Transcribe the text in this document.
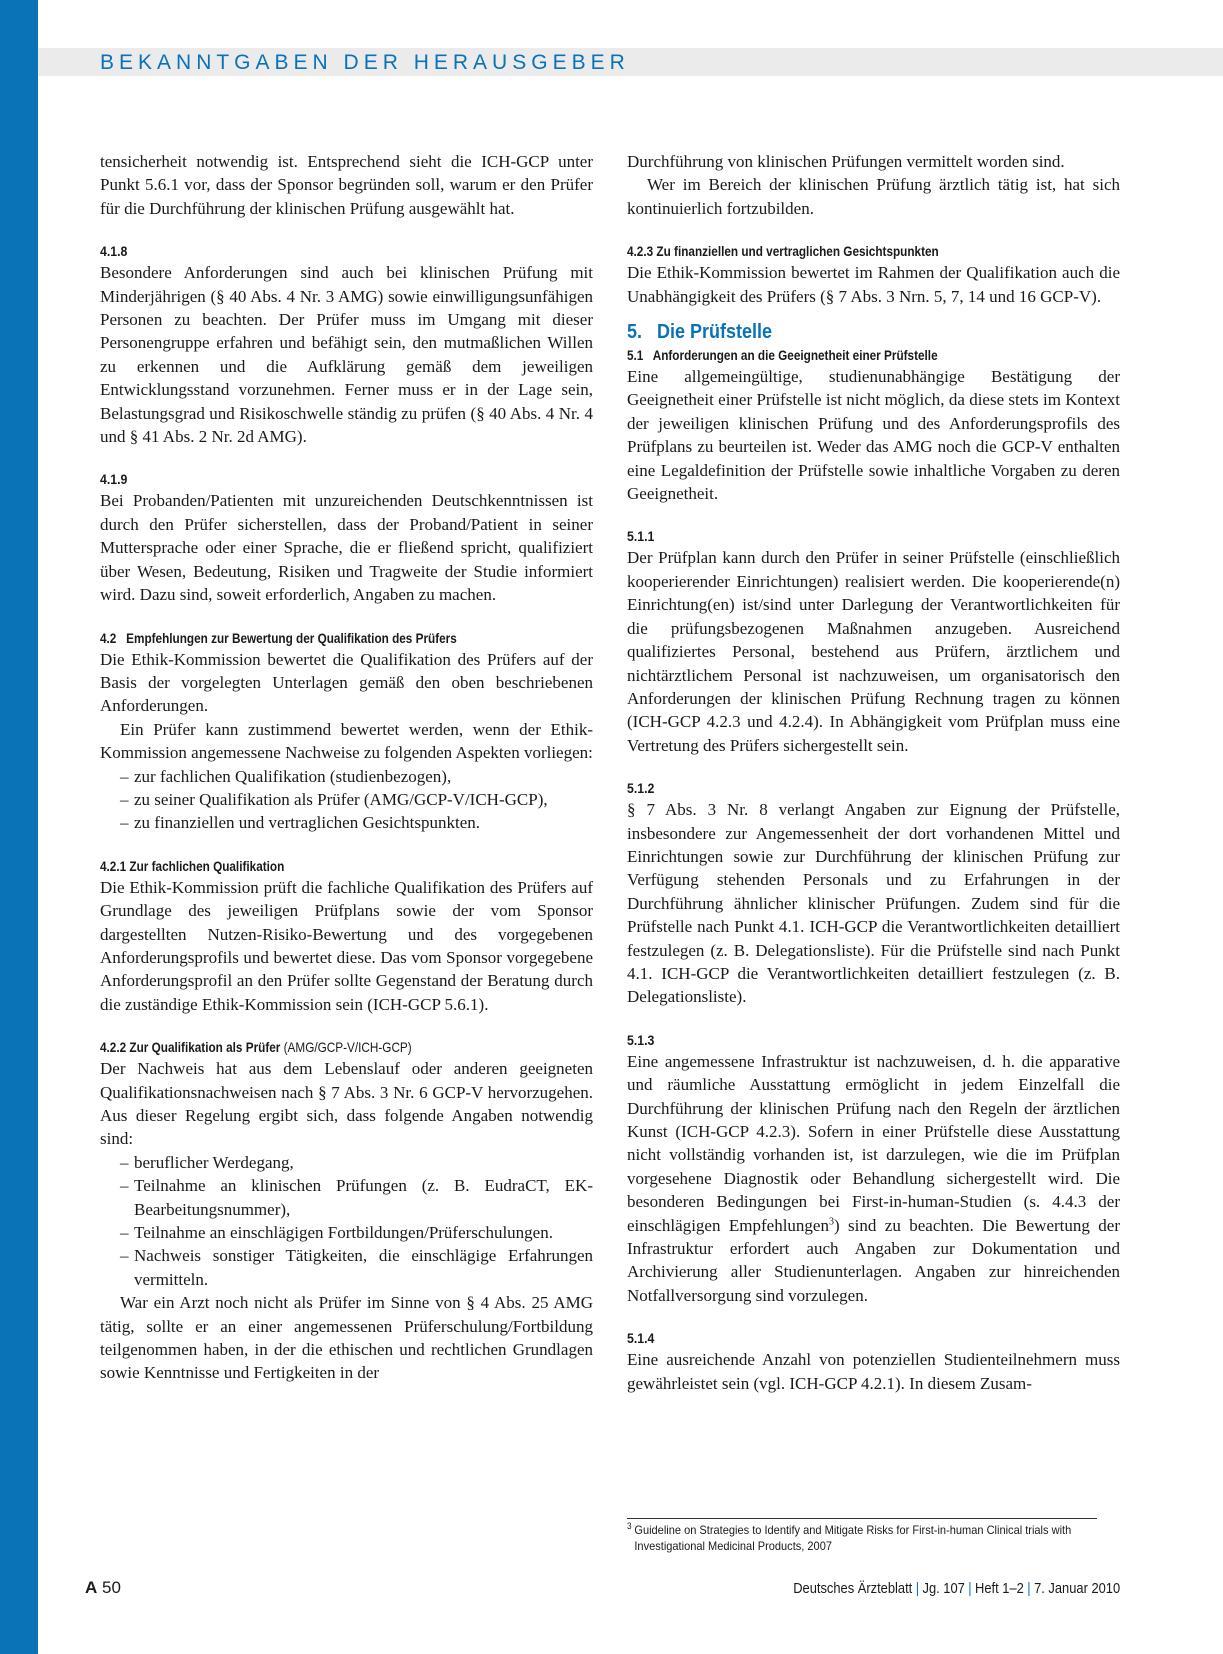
BEKANNTGABEN DER HERAUSGEBER

tensicherheit notwendig ist. Entsprechend sieht die ICH-GCP unter Punkt 5.6.1 vor, dass der Sponsor begründen soll, warum er den Prüfer für die Durchführung der klinischen Prüfung ausgewählt hat.

4.1.8

Besondere Anforderungen sind auch bei klinischen Prüfung mit Minderjährigen (§ 40 Abs. 4 Nr. 3 AMG) sowie einwilligungsunfähigen Personen zu beachten. Der Prüfer muss im Umgang mit dieser Personengruppe erfahren und befähigt sein, den mutmaßlichen Willen zu erkennen und die Aufklärung gemäß dem jeweiligen Entwicklungsstand vorzunehmen. Ferner muss er in der Lage sein, Belastungsgrad und Risikoschwelle ständig zu prüfen (§ 40 Abs. 4 Nr. 4 und § 41 Abs. 2 Nr. 2d AMG).

4.1.9

Bei Probanden/Patienten mit unzureichenden Deutschkenntnissen ist durch den Prüfer sicherstellen, dass der Proband/Patient in seiner Muttersprache oder einer Sprache, die er fließend spricht, qualifiziert über Wesen, Bedeutung, Risiken und Tragweite der Studie informiert wird. Dazu sind, soweit erforderlich, Angaben zu machen.

4.2   Empfehlungen zur Bewertung der Qualifikation des Prüfers

Die Ethik-Kommission bewertet die Qualifikation des Prüfers auf der Basis der vorgelegten Unterlagen gemäß den oben beschriebenen Anforderungen.

Ein Prüfer kann zustimmend bewertet werden, wenn der Ethik-Kommission angemessene Nachweise zu folgenden Aspekten vorliegen:

– zur fachlichen Qualifikation (studienbezogen),
– zu seiner Qualifikation als Prüfer (AMG/GCP-V/ICH-GCP),
– zu finanziellen und vertraglichen Gesichtspunkten.
4.2.1 Zur fachlichen Qualifikation

Die Ethik-Kommission prüft die fachliche Qualifikation des Prüfers auf Grundlage des jeweiligen Prüfplans sowie der vom Sponsor dargestellten Nutzen-Risiko-Bewertung und des vorgegebenen Anforderungsprofils und bewertet diese. Das vom Sponsor vorgegebene Anforderungsprofil an den Prüfer sollte Gegenstand der Beratung durch die zuständige Ethik-Kommission sein (ICH-GCP 5.6.1).

4.2.2 Zur Qualifikation als Prüfer (AMG/GCP-V/ICH-GCP)

Der Nachweis hat aus dem Lebenslauf oder anderen geeigneten Qualifikationsnachweisen nach § 7 Abs. 3 Nr. 6 GCP-V hervorzugehen. Aus dieser Regelung ergibt sich, dass folgende Angaben notwendig sind:

– beruflicher Werdegang,
– Teilnahme an klinischen Prüfungen (z. B. EudraCT, EK-Bearbeitungsnummer),
– Teilnahme an einschlägigen Fortbildungen/Prüferschulungen.
– Nachweis sonstiger Tätigkeiten, die einschlägige Erfahrungen vermitteln.

War ein Arzt noch nicht als Prüfer im Sinne von § 4 Abs. 25 AMG tätig, sollte er an einer angemessenen Prüferschulung/Fortbildung teilgenommen haben, in der die ethischen und rechtlichen Grundlagen sowie Kenntnisse und Fertigkeiten in der

Durchführung von klinischen Prüfungen vermittelt worden sind.

Wer im Bereich der klinischen Prüfung ärztlich tätig ist, hat sich kontinuierlich fortzubilden.

4.2.3 Zu finanziellen und vertraglichen Gesichtspunkten

Die Ethik-Kommission bewertet im Rahmen der Qualifikation auch die Unabhängigkeit des Prüfers (§ 7 Abs. 3 Nrn. 5, 7, 14 und 16 GCP-V).

5.   Die Prüfstelle
5.1   Anforderungen an die Geeignetheit einer Prüfstelle

Eine allgemeingültige, studienunabhängige Bestätigung der Geeignetheit einer Prüfstelle ist nicht möglich, da diese stets im Kontext der jeweiligen klinischen Prüfung und des Anforderungsprofils des Prüfplans zu beurteilen ist. Weder das AMG noch die GCP-V enthalten eine Legaldefinition der Prüfstelle sowie inhaltliche Vorgaben zu deren Geeignetheit.

5.1.1

Der Prüfplan kann durch den Prüfer in seiner Prüfstelle (einschließlich kooperierender Einrichtungen) realisiert werden. Die kooperierende(n) Einrichtung(en) ist/sind unter Darlegung der Verantwortlichkeiten für die prüfungsbezogenen Maßnahmen anzugeben. Ausreichend qualifiziertes Personal, bestehend aus Prüfern, ärztlichem und nichtärztlichem Personal ist nachzuweisen, um organisatorisch den Anforderungen der klinischen Prüfung Rechnung tragen zu können (ICH-GCP 4.2.3 und 4.2.4). In Abhängigkeit vom Prüfplan muss eine Vertretung des Prüfers sichergestellt sein.

5.1.2

§ 7 Abs. 3 Nr. 8 verlangt Angaben zur Eignung der Prüfstelle, insbesondere zur Angemessenheit der dort vorhandenen Mittel und Einrichtungen sowie zur Durchführung der klinischen Prüfung zur Verfügung stehenden Personals und zu Erfahrungen in der Durchführung ähnlicher klinischer Prüfungen. Zudem sind für die Prüfstelle nach Punkt 4.1. ICH-GCP die Verantwortlichkeiten detailliert festzulegen (z. B. Delegationsliste). Für die Prüfstelle sind nach Punkt 4.1. ICH-GCP die Verantwortlichkeiten detailliert festzulegen (z. B. Delegationsliste).

5.1.3

Eine angemessene Infrastruktur ist nachzuweisen, d. h. die apparative und räumliche Ausstattung ermöglicht in jedem Einzelfall die Durchführung der klinischen Prüfung nach den Regeln der ärztlichen Kunst (ICH-GCP 4.2.3). Sofern in einer Prüfstelle diese Ausstattung nicht vollständig vorhanden ist, ist darzulegen, wie die im Prüfplan vorgesehene Diagnostik oder Behandlung sichergestellt wird. Die besonderen Bedingungen bei First-in-human-Studien (s. 4.4.3 der einschlägigen Empfehlungen$^3$) sind zu beachten. Die Bewertung der Infrastruktur erfordert auch Angaben zur Dokumentation und Archivierung aller Studienunterlagen. Angaben zur hinreichenden Notfallversorgung sind vorzulegen.

5.1.4

Eine ausreichende Anzahl von potenziellen Studienteilnehmern muss gewährleistet sein (vgl. ICH-GCP 4.2.1). In diesem Zusam-

3 Guideline on Strategies to Identify and Mitigate Risks for First-in-human Clinical trials with Investigational Medicinal Products, 2007
A 50	Deutsches Ärzteblatt | Jg. 107 | Heft 1–2 | 7. Januar 2010
